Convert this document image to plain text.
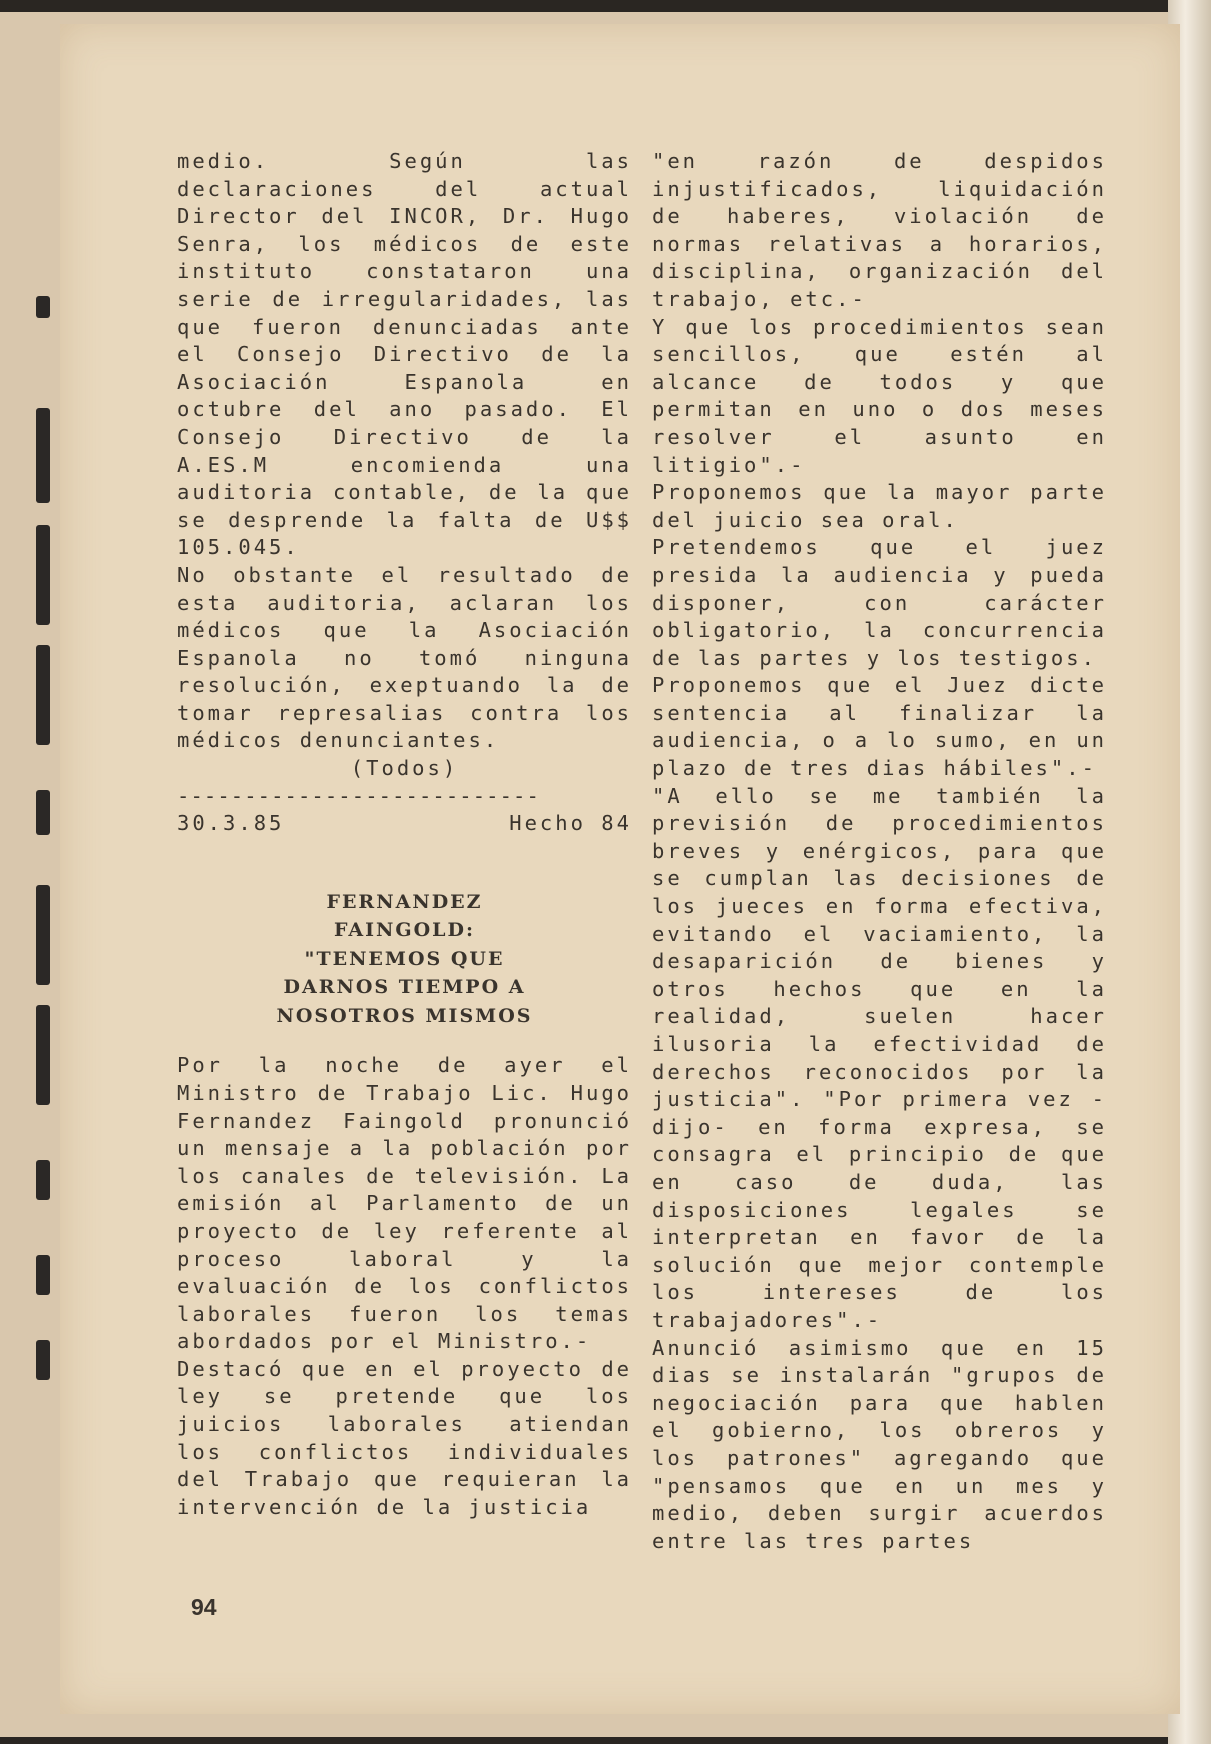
medio. Según las declaraciones del actual Director del INCOR, Dr. Hugo Senra, los médicos de este instituto constataron una serie de irregularidades, las que fueron denunciadas ante el Consejo Directivo de la Asociación Espanola en octubre del ano pasado. El Consejo Directivo de la A.ES.M encomienda una auditoria contable, de la que se desprende la falta de U$$ 105.045.

No obstante el resultado de esta auditoria, aclaran los médicos que la Asociación Espanola no tomó ninguna resolución, exeptuando la de tomar represalias contra los médicos denunciantes.

(Todos)

---------------------------

30.3.85	Hecho 84
FERNANDEZ
FAINGOLD:
"TENEMOS QUE
DARNOS TIEMPO A
NOSOTROS MISMOS

Por la noche de ayer el Ministro de Trabajo Lic. Hugo Fernandez Faingold pronunció un mensaje a la población por los canales de televisión. La emisión al Parlamento de un proyecto de ley referente al proceso laboral y la evaluación de los conflictos laborales fueron los temas abordados por el Ministro.-

Destacó que en el proyecto de ley se pretende que los juicios laborales atiendan los conflictos individuales del Trabajo que requieran la intervención de la justicia

"en razón de despidos injustificados, liquidación de haberes, violación de normas relativas a horarios, disciplina, organización del trabajo, etc.-

Y que los procedimientos sean sencillos, que estén al alcance de todos y que permitan en uno o dos meses resolver el asunto en litigio".-

Proponemos que la mayor parte del juicio sea oral.

Pretendemos que el juez presida la audiencia y pueda disponer, con carácter obligatorio, la concurrencia de las partes y los testigos.

Proponemos que el Juez dicte sentencia al finalizar la audiencia, o a lo sumo, en un plazo de tres dias hábiles".-

"A ello se me también la previsión de procedimientos breves y enérgicos, para que se cumplan las decisiones de los jueces en forma efectiva, evitando el vaciamiento, la desaparición de bienes y otros hechos que en la realidad, suelen hacer ilusoria la efectividad de derechos reconocidos por la justicia". "Por primera vez -dijo- en forma expresa, se consagra el principio de que en caso de duda, las disposiciones legales se interpretan en favor de la solución que mejor contemple los intereses de los trabajadores".-

Anunció asimismo que en 15 dias se instalarán "grupos de negociación para que hablen el gobierno, los obreros y los patrones" agregando que "pensamos que en un mes y medio, deben surgir acuerdos entre las tres partes

94
